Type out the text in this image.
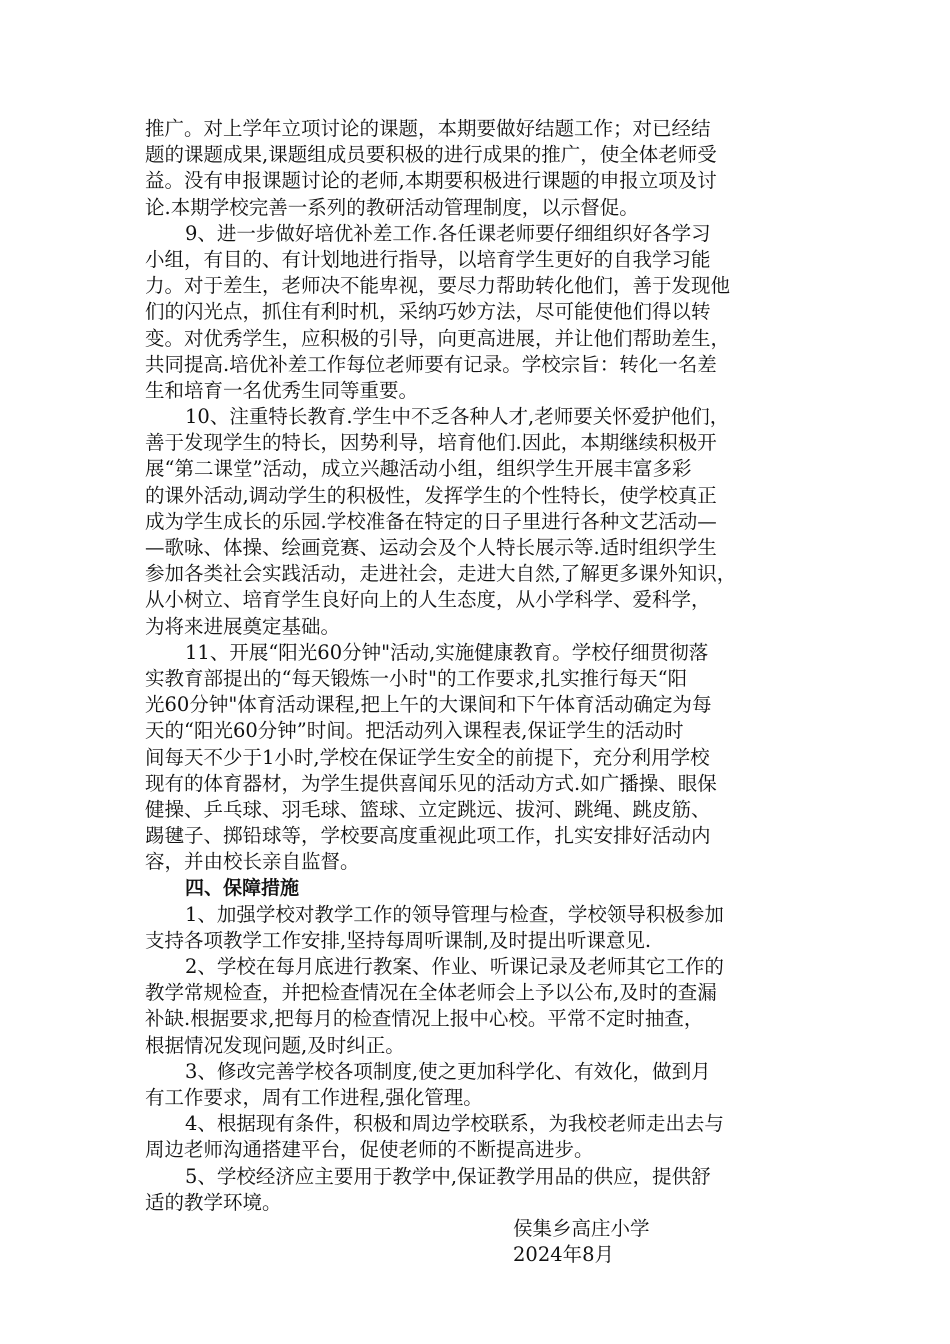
推广。对上学年立项讨论的课题，本期要做好结题工作；对已经结
题的课题成果,课题组成员要积极的进行成果的推广，使全体老师受
益。没有申报课题讨论的老师,本期要积极进行课题的申报立项及讨
论.本期学校完善一系列的教研活动管理制度，以示督促。
9、进一步做好培优补差工作.各任课老师要仔细组织好各学习
小组，有目的、有计划地进行指导，以培育学生更好的自我学习能
力。对于差生，老师决不能卑视，要尽力帮助转化他们，善于发现他
们的闪光点，抓住有利时机，采纳巧妙方法，尽可能使他们得以转
变。对优秀学生，应积极的引导，向更高进展，并让他们帮助差生，
共同提高.培优补差工作每位老师要有记录。学校宗旨：转化一名差
生和培育一名优秀生同等重要。
10、注重特长教育.学生中不乏各种人才,老师要关怀爱护他们，
善于发现学生的特长，因势利导，培育他们.因此，本期继续积极开
展“第二课堂”活动，成立兴趣活动小组，组织学生开展丰富多彩
的课外活动,调动学生的积极性，发挥学生的个性特长，使学校真正
成为学生成长的乐园.学校准备在特定的日子里进行各种文艺活动—
—歌咏、体操、绘画竞赛、运动会及个人特长展示等.适时组织学生
参加各类社会实践活动，走进社会，走进大自然,了解更多课外知识，
从小树立、培育学生良好向上的人生态度，从小学科学、爱科学，
为将来进展奠定基础。
11、开展“阳光60分钟"活动,实施健康教育。学校仔细贯彻落
实教育部提出的“每天锻炼一小时"的工作要求,扎实推行每天“阳
光60分钟"体育活动课程,把上午的大课间和下午体育活动确定为每
天的“阳光60分钟”时间。把活动列入课程表,保证学生的活动时
间每天不少于1小时,学校在保证学生安全的前提下，充分利用学校
现有的体育器材，为学生提供喜闻乐见的活动方式.如广播操、眼保
健操、乒乓球、羽毛球、篮球、立定跳远、拔河、跳绳、跳皮筋、
踢毽子、掷铅球等，学校要高度重视此项工作，扎实安排好活动内
容，并由校长亲自监督。
四、保障措施
1、加强学校对教学工作的领导管理与检查，学校领导积极参加
支持各项教学工作安排,坚持每周听课制,及时提出听课意见.
2、学校在每月底进行教案、作业、听课记录及老师其它工作的
教学常规检查，并把检查情况在全体老师会上予以公布,及时的查漏
补缺.根据要求,把每月的检查情况上报中心校。平常不定时抽查，
根据情况发现问题,及时纠正。
3、修改完善学校各项制度,使之更加科学化、有效化，做到月
有工作要求，周有工作进程,强化管理。
4、根据现有条件，积极和周边学校联系，为我校老师走出去与
周边老师沟通搭建平台，促使老师的不断提高进步。
5、学校经济应主要用于教学中,保证教学用品的供应，提供舒
适的教学环境。
侯集乡高庄小学
2024年8月
